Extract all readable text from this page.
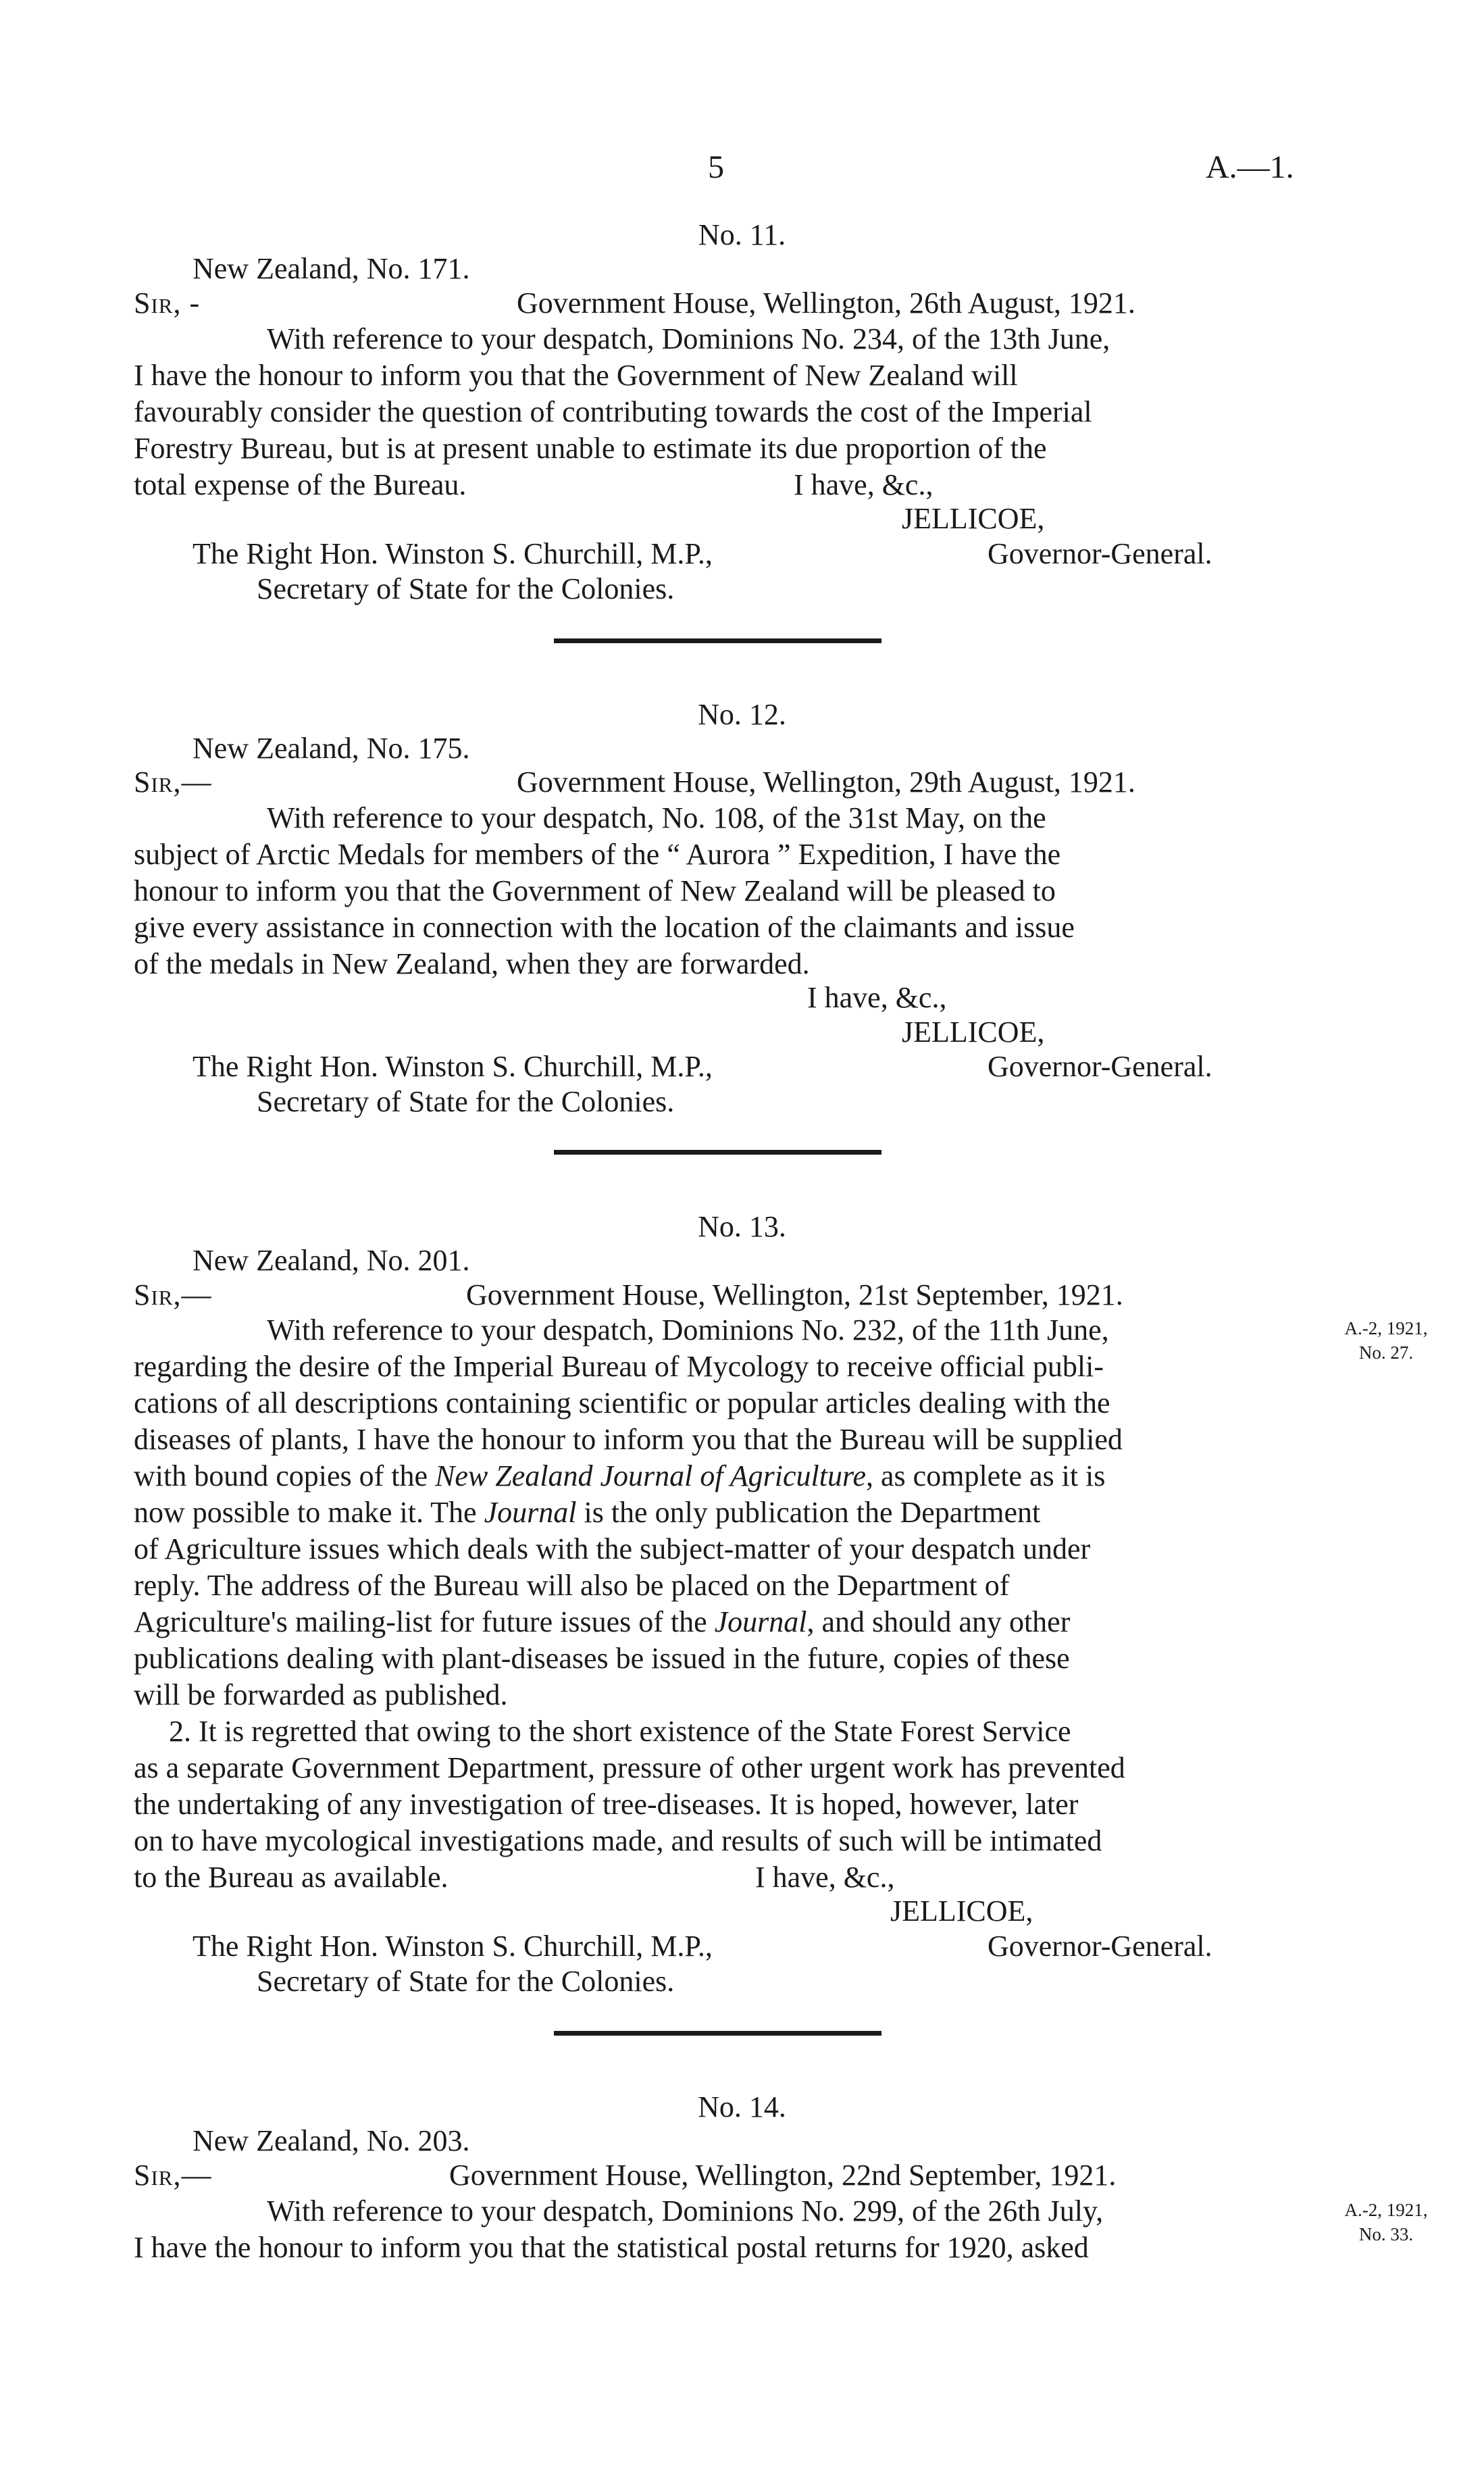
5	A.—1.
No. 11.
New Zealand, No. 171.
Sir, -	Government House, Wellington, 26th August, 1921.
With reference to your despatch, Dominions No. 234, of the 13th June,
I have the honour to inform you that the Government of New Zealand will
favourably consider the question of contributing towards the cost of the Imperial
Forestry Bureau, but is at present unable to estimate its due proportion of the
total expense of the Bureau.	I have, &c.,
JELLICOE,
The Right Hon. Winston S. Churchill, M.P.,	Governor-General.
Secretary of State for the Colonies.
No. 12.
New Zealand, No. 175.
Sir,—	Government House, Wellington, 29th August, 1921.
With reference to your despatch, No. 108, of the 31st May, on the
subject of Arctic Medals for members of the “ Aurora ” Expedition, I have the
honour to inform you that the Government of New Zealand will be pleased to
give every assistance in connection with the location of the claimants and issue
of the medals in New Zealand, when they are forwarded.
I have, &c.,
JELLICOE,
The Right Hon. Winston S. Churchill, M.P.,	Governor-General.
Secretary of State for the Colonies.
No. 13.
New Zealand, No. 201.
Sir,—	Government House, Wellington, 21st September, 1921.
With reference to your despatch, Dominions No. 232, of the 11th June,
regarding the desire of the Imperial Bureau of Mycology to receive official publi-
cations of all descriptions containing scientific or popular articles dealing with the
diseases of plants, I have the honour to inform you that the Bureau will be supplied
with bound copies of the New Zealand Journal of Agriculture, as complete as it is
now possible to make it. The Journal is the only publication the Department
of Agriculture issues which deals with the subject-matter of your despatch under
reply. The address of the Bureau will also be placed on the Department of
Agriculture's mailing-list for future issues of the Journal, and should any other
publications dealing with plant-diseases be issued in the future, copies of these
will be forwarded as published.
2. It is regretted that owing to the short existence of the State Forest Service
as a separate Government Department, pressure of other urgent work has prevented
the undertaking of any investigation of tree-diseases. It is hoped, however, later
on to have mycological investigations made, and results of such will be intimated
to the Bureau as available.	I have, &c.,
JELLICOE,
The Right Hon. Winston S. Churchill, M.P.,	Governor-General.
Secretary of State for the Colonies.
A.-2, 1921,
No. 27.
No. 14.
New Zealand, No. 203.
Sir,—	Government House, Wellington, 22nd September, 1921.
With reference to your despatch, Dominions No. 299, of the 26th July,
I have the honour to inform you that the statistical postal returns for 1920, asked
A.-2, 1921,
No. 33.
